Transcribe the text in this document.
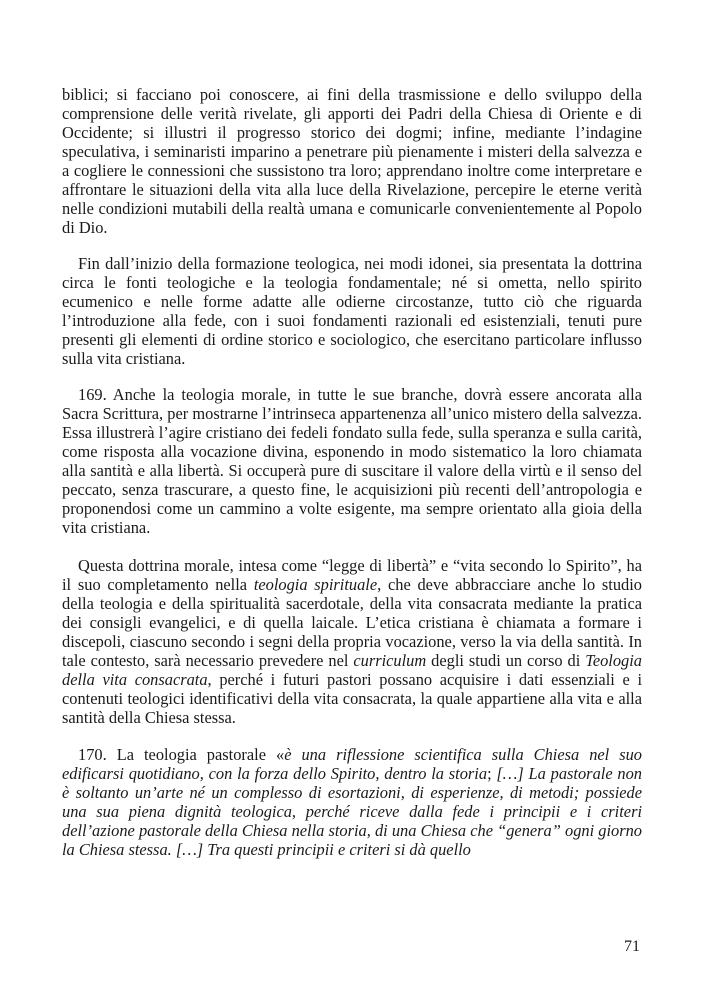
biblici; si facciano poi conoscere, ai fini della trasmissione e dello sviluppo della comprensione delle verità rivelate, gli apporti dei Padri della Chiesa di Oriente e di Occidente; si illustri il progresso storico dei dogmi; infine, mediante l’indagine speculativa, i seminaristi imparino a penetrare più pienamente i misteri della salvezza e a cogliere le connessioni che sussistono tra loro; apprendano inoltre come interpretare e affrontare le situazioni della vita alla luce della Rivelazione, percepire le eterne verità nelle condizioni mutabili della realtà umana e comunicarle convenientemente al Popolo di Dio.

Fin dall’inizio della formazione teologica, nei modi idonei, sia presentata la dottrina circa le fonti teologiche e la teologia fondamentale; né si ometta, nello spirito ecumenico e nelle forme adatte alle odierne circostanze, tutto ciò che riguarda l’introduzione alla fede, con i suoi fondamenti razionali ed esistenziali, tenuti pure presenti gli elementi di ordine storico e sociologico, che esercitano particolare influsso sulla vita cristiana.

169. Anche la teologia morale, in tutte le sue branche, dovrà essere ancorata alla Sacra Scrittura, per mostrarne l’intrinseca appartenenza all’unico mistero della salvezza. Essa illustrerà l’agire cristiano dei fedeli fondato sulla fede, sulla speranza e sulla carità, come risposta alla vocazione divina, esponendo in modo sistematico la loro chiamata alla santità e alla libertà. Si occuperà pure di suscitare il valore della virtù e il senso del peccato, senza trascurare, a questo fine, le acquisizioni più recenti dell’antropologia e proponendosi come un cammino a volte esigente, ma sempre orientato alla gioia della vita cristiana.

Questa dottrina morale, intesa come “legge di libertà” e “vita secondo lo Spirito”, ha il suo completamento nella teologia spirituale, che deve abbracciare anche lo studio della teologia e della spiritualità sacerdotale, della vita consacrata mediante la pratica dei consigli evangelici, e di quella laicale. L’etica cristiana è chiamata a formare i discepoli, ciascuno secondo i segni della propria vocazione, verso la via della santità. In tale contesto, sarà necessario prevedere nel curriculum degli studi un corso di Teologia della vita consacrata, perché i futuri pastori possano acquisire i dati essenziali e i contenuti teologici identificativi della vita consacrata, la quale appartiene alla vita e alla santità della Chiesa stessa.

170. La teologia pastorale «è una riflessione scientifica sulla Chiesa nel suo edificarsi quotidiano, con la forza dello Spirito, dentro la storia; […] La pastorale non è soltanto un’arte né un complesso di esortazioni, di esperienze, di metodi; possiede una sua piena dignità teologica, perché riceve dalla fede i principii e i criteri dell’azione pastorale della Chiesa nella storia, di una Chiesa che “genera” ogni giorno la Chiesa stessa. […] Tra questi principii e criteri si dà quello

71
